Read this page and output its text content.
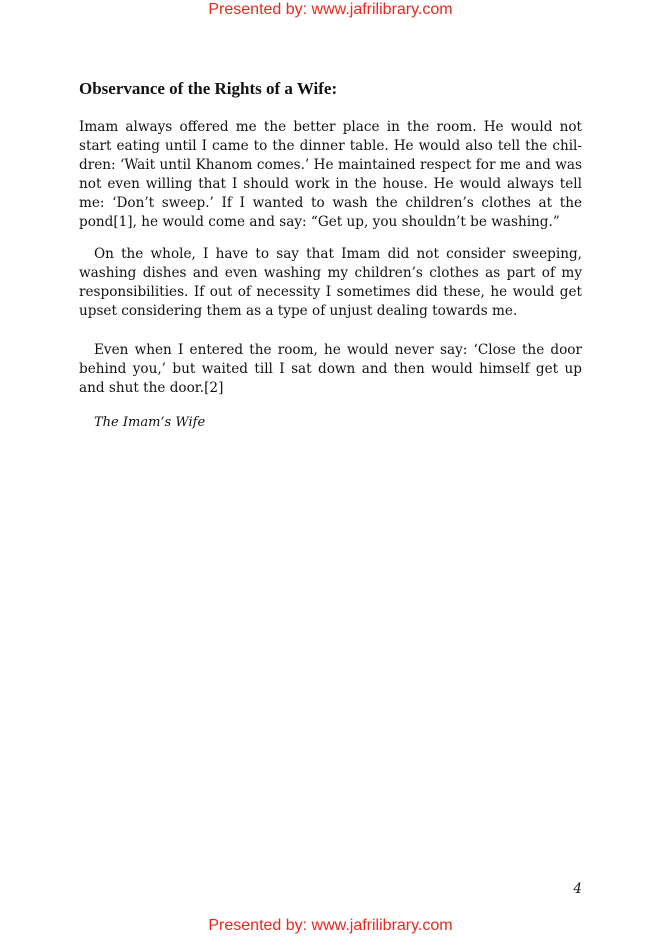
Presented by: www.jafrilibrary.com
Observance of the Rights of a Wife:

Imam always offered me the better place in the room. He would not start eating until I came to the dinner table. He would also tell the children: ‘Wait until Khanom comes.’ He maintained respect for me and was not even willing that I should work in the house. He would always tell me: ‘Don’t sweep.’ If I wanted to wash the children’s clothes at the pond[1], he would come and say: “Get up, you shouldn’t be washing.”

On the whole, I have to say that Imam did not consider sweeping, washing dishes and even washing my children’s clothes as part of my responsibilities. If out of necessity I sometimes did these, he would get upset considering them as a type of unjust dealing towards me.

Even when I entered the room, he would never say: ‘Close the door behind you,’ but waited till I sat down and then would himself get up and shut the door.[2]

The Imam’s Wife

4
Presented by: www.jafrilibrary.com
